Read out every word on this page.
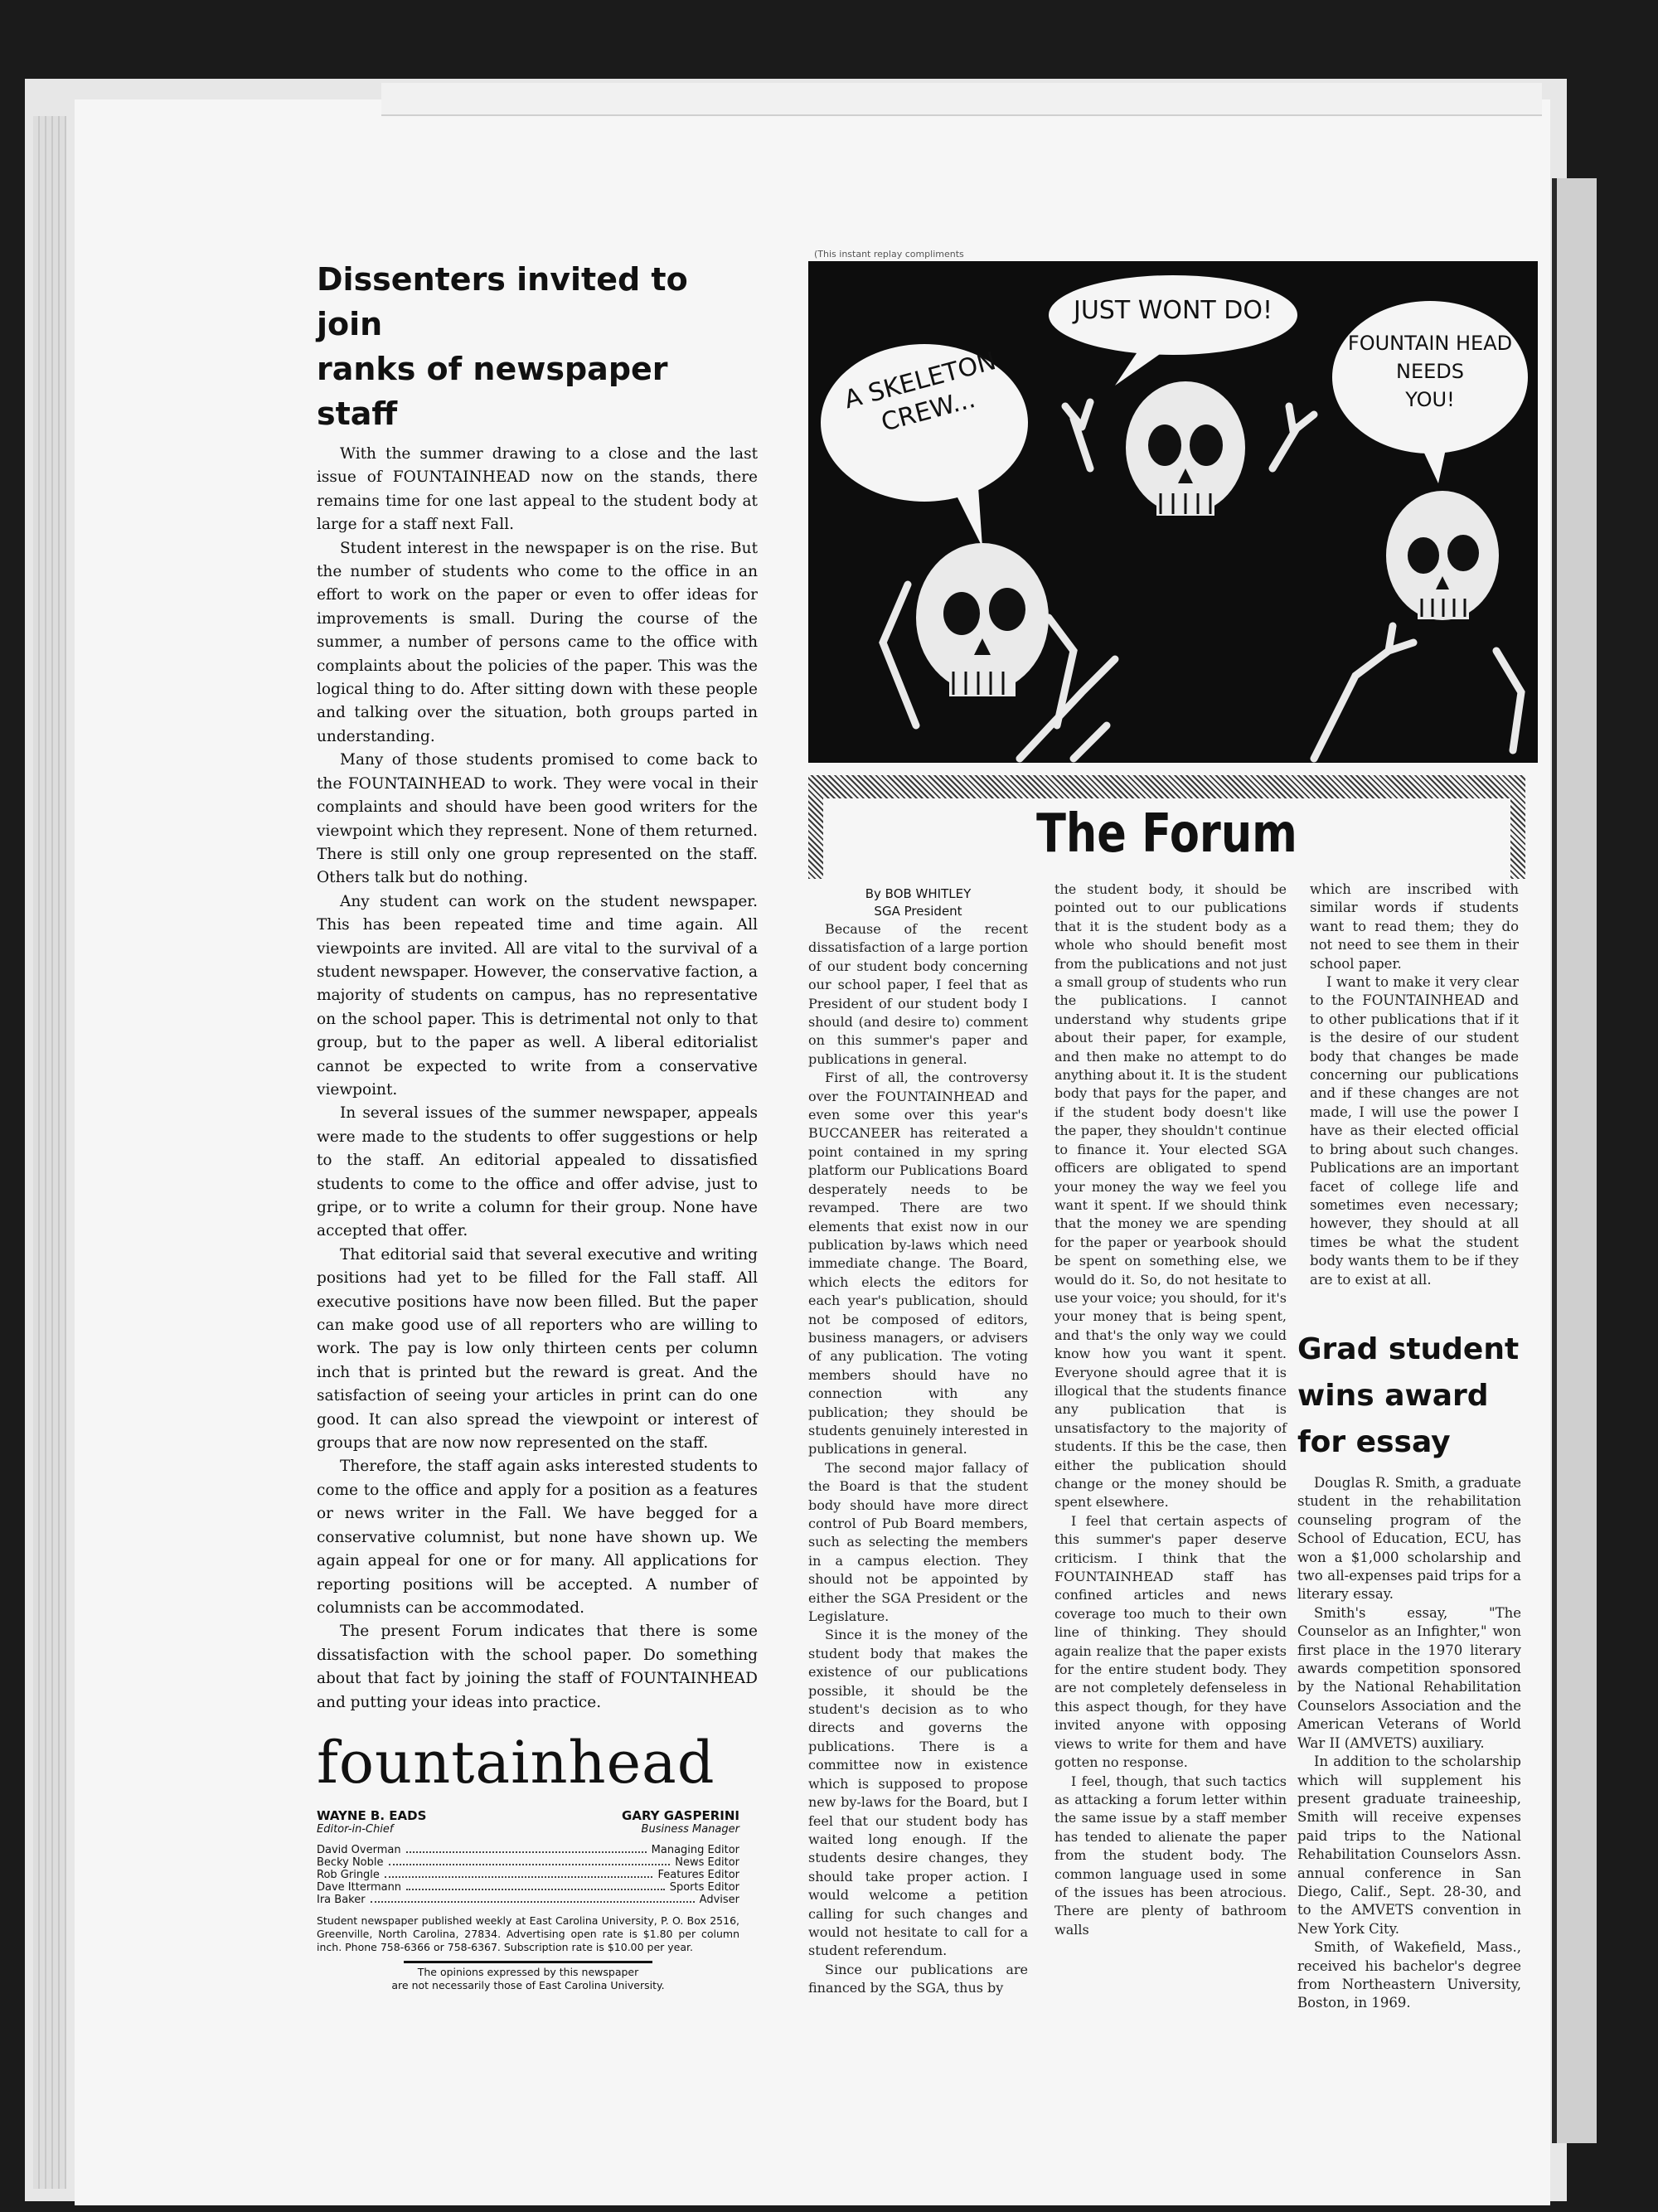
Dissenters invited to join
ranks of newspaper staff

With the summer drawing to a close and the last issue of FOUNTAINHEAD now on the stands, there remains time for one last appeal to the student body at large for a staff next Fall.

Student interest in the newspaper is on the rise. But the number of students who come to the office in an effort to work on the paper or even to offer ideas for improvements is small. During the course of the summer, a number of persons came to the office with complaints about the policies of the paper. This was the logical thing to do. After sitting down with these people and talking over the situation, both groups parted in understanding.

Many of those students promised to come back to the FOUNTAINHEAD to work. They were vocal in their complaints and should have been good writers for the viewpoint which they represent. None of them returned. There is still only one group represented on the staff. Others talk but do nothing.

Any student can work on the student newspaper. This has been repeated time and time again. All viewpoints are invited. All are vital to the survival of a student newspaper. However, the conservative faction, a majority of students on campus, has no representative on the school paper. This is detrimental not only to that group, but to the paper as well. A liberal editorialist cannot be expected to write from a conservative viewpoint.

In several issues of the summer newspaper, appeals were made to the students to offer suggestions or help to the staff. An editorial appealed to dissatisfied students to come to the office and offer advise, just to gripe, or to write a column for their group. None have accepted that offer.

That editorial said that several executive and writing positions had yet to be filled for the Fall staff. All executive positions have now been filled. But the paper can make good use of all reporters who are willing to work. The pay is low only thirteen cents per column inch that is printed but the reward is great. And the satisfaction of seeing your articles in print can do one good. It can also spread the viewpoint or interest of groups that are now now represented on the staff.

Therefore, the staff again asks interested students to come to the office and apply for a position as a features or news writer in the Fall. We have begged for a conservative columnist, but none have shown up. We again appeal for one or for many. All applications for reporting positions will be accepted. A number of columnists can be accommodated.

The present Forum indicates that there is some dissatisfaction with the school paper. Do something about that fact by joining the staff of FOUNTAINHEAD and putting your ideas into practice.

fountainhead
WAYNE B. EADS
Editor-in-Chief
GARY GASPERINI
Business Manager
David Overman	Managing Editor
Becky Noble	News Editor
Rob Gringle	Features Editor
Dave Ittermann	Sports Editor
Ira Baker	Adviser
Student newspaper published weekly at East Carolina University, P. O. Box 2516, Greenville, North Carolina, 27834. Advertising open rate is $1.80 per column inch. Phone 758-6366 or 758-6367. Subscription rate is $10.00 per year.
The opinions expressed by this newspaper
are not necessarily those of East Carolina University.
(This instant replay compliments

A SKELETON
CREW...
JUST WONT DO!
FOUNTAIN HEAD
NEEDS
YOU!
The Forum
By BOB WHITLEY
SGA President

Because of the recent dissatisfaction of a large portion of our student body concerning our school paper, I feel that as President of our student body I should (and desire to) comment on this summer's paper and publications in general.

First of all, the controversy over the FOUNTAINHEAD and even some over this year's BUCCANEER has reiterated a point contained in my spring platform our Publications Board desperately needs to be revamped. There are two elements that exist now in our publication by-laws which need immediate change. The Board, which elects the editors for each year's publication, should not be composed of editors, business managers, or advisers of any publication. The voting members should have no connection with any publication; they should be students genuinely interested in publications in general.

The second major fallacy of the Board is that the student body should have more direct control of Pub Board members, such as selecting the members in a campus election. They should not be appointed by either the SGA President or the Legislature.

Since it is the money of the student body that makes the existence of our publications possible, it should be the student's decision as to who directs and governs the publications. There is a committee now in existence which is supposed to propose new by-laws for the Board, but I feel that our student body has waited long enough. If the students desire changes, they should take proper action. I would welcome a petition calling for such changes and would not hesitate to call for a student referendum.

Since our publications are financed by the SGA, thus by

the student body, it should be pointed out to our publications that it is the student body as a whole who should benefit most from the publications and not just a small group of students who run the publications. I cannot understand why students gripe about their paper, for example, and then make no attempt to do anything about it. It is the student body that pays for the paper, and if the student body doesn't like the paper, they shouldn't continue to finance it. Your elected SGA officers are obligated to spend your money the way we feel you want it spent. If we should think that the money we are spending for the paper or yearbook should be spent on something else, we would do it. So, do not hesitate to use your voice; you should, for it's your money that is being spent, and that's the only way we could know how you want it spent. Everyone should agree that it is illogical that the students finance any publication that is unsatisfactory to the majority of students. If this be the case, then either the publication should change or the money should be spent elsewhere.

I feel that certain aspects of this summer's paper deserve criticism. I think that the FOUNTAINHEAD staff has confined articles and news coverage too much to their own line of thinking. They should again realize that the paper exists for the entire student body. They are not completely defenseless in this aspect though, for they have invited anyone with opposing views to write for them and have gotten no response.

I feel, though, that such tactics as attacking a forum letter within the same issue by a staff member has tended to alienate the paper from the student body. The common language used in some of the issues has been atrocious. There are plenty of bathroom walls

which are inscribed with similar words if students want to read them; they do not need to see them in their school paper.

I want to make it very clear to the FOUNTAINHEAD and to other publications that if it is the desire of our student body that changes be made concerning our publications and if these changes are not made, I will use the power I have as their elected official to bring about such changes. Publications are an important facet of college life and sometimes even necessary; however, they should at all times be what the student body wants them to be if they are to exist at all.

Grad student
wins award
for essay

Douglas R. Smith, a graduate student in the rehabilitation counseling program of the School of Education, ECU, has won a $1,000 scholarship and two all-expenses paid trips for a literary essay.

Smith's essay, "The Counselor as an Infighter," won first place in the 1970 literary awards competition sponsored by the National Rehabilitation Counselors Association and the American Veterans of World War II (AMVETS) auxiliary.

In addition to the scholarship which will supplement his present graduate traineeship, Smith will receive expenses paid trips to the National Rehabilitation Counselors Assn. annual conference in San Diego, Calif., Sept. 28-30, and to the AMVETS convention in New York City.

Smith, of Wakefield, Mass., received his bachelor's degree from Northeastern University, Boston, in 1969.
